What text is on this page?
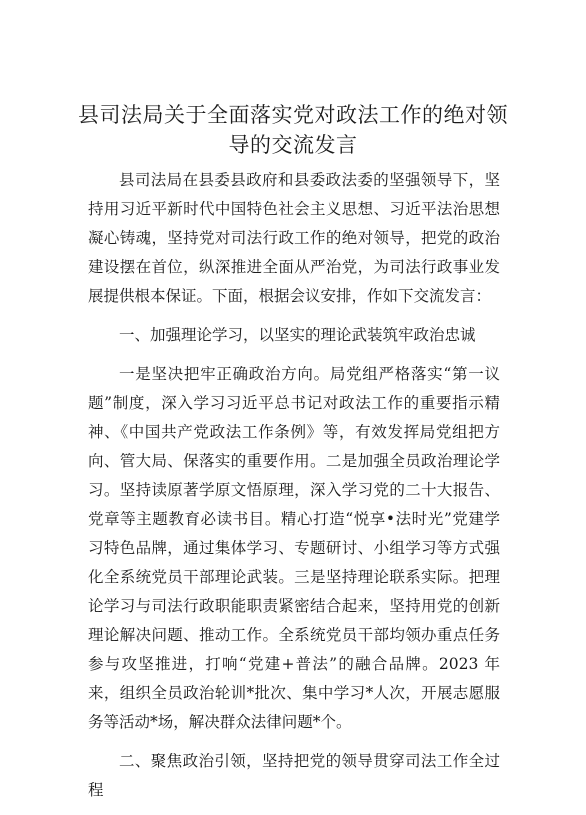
县司法局关于全面落实党对政法工作的绝对领
导的交流发言

县司法局在县委县政府和县委政法委的坚强领导下，坚持用习近平新时代中国特色社会主义思想、习近平法治思想凝心铸魂，坚持党对司法行政工作的绝对领导，把党的政治建设摆在首位，纵深推进全面从严治党，为司法行政事业发展提供根本保证。下面，根据会议安排，作如下交流发言：

一、加强理论学习，以坚实的理论武装筑牢政治忠诚

一是坚决把牢正确政治方向。局党组严格落实“第一议题”制度，深入学习习近平总书记对政法工作的重要指示精神、《中国共产党政法工作条例》等，有效发挥局党组把方向、管大局、保落实的重要作用。二是加强全员政治理论学习。坚持读原著学原文悟原理，深入学习党的二十大报告、党章等主题教育必读书目。精心打造“悦享•法时光”党建学习特色品牌，通过集体学习、专题研讨、小组学习等方式强化全系统党员干部理论武装。三是坚持理论联系实际。把理论学习与司法行政职能职责紧密结合起来，坚持用党的创新理论解决问题、推动工作。全系统党员干部均领办重点任务参与攻坚推进，打响“党建+普法”的融合品牌。2023 年来，组织全员政治轮训*批次、集中学习*人次，开展志愿服务等活动*场，解决群众法律问题*个。

二、聚焦政治引领，坚持把党的领导贯穿司法工作全过程
